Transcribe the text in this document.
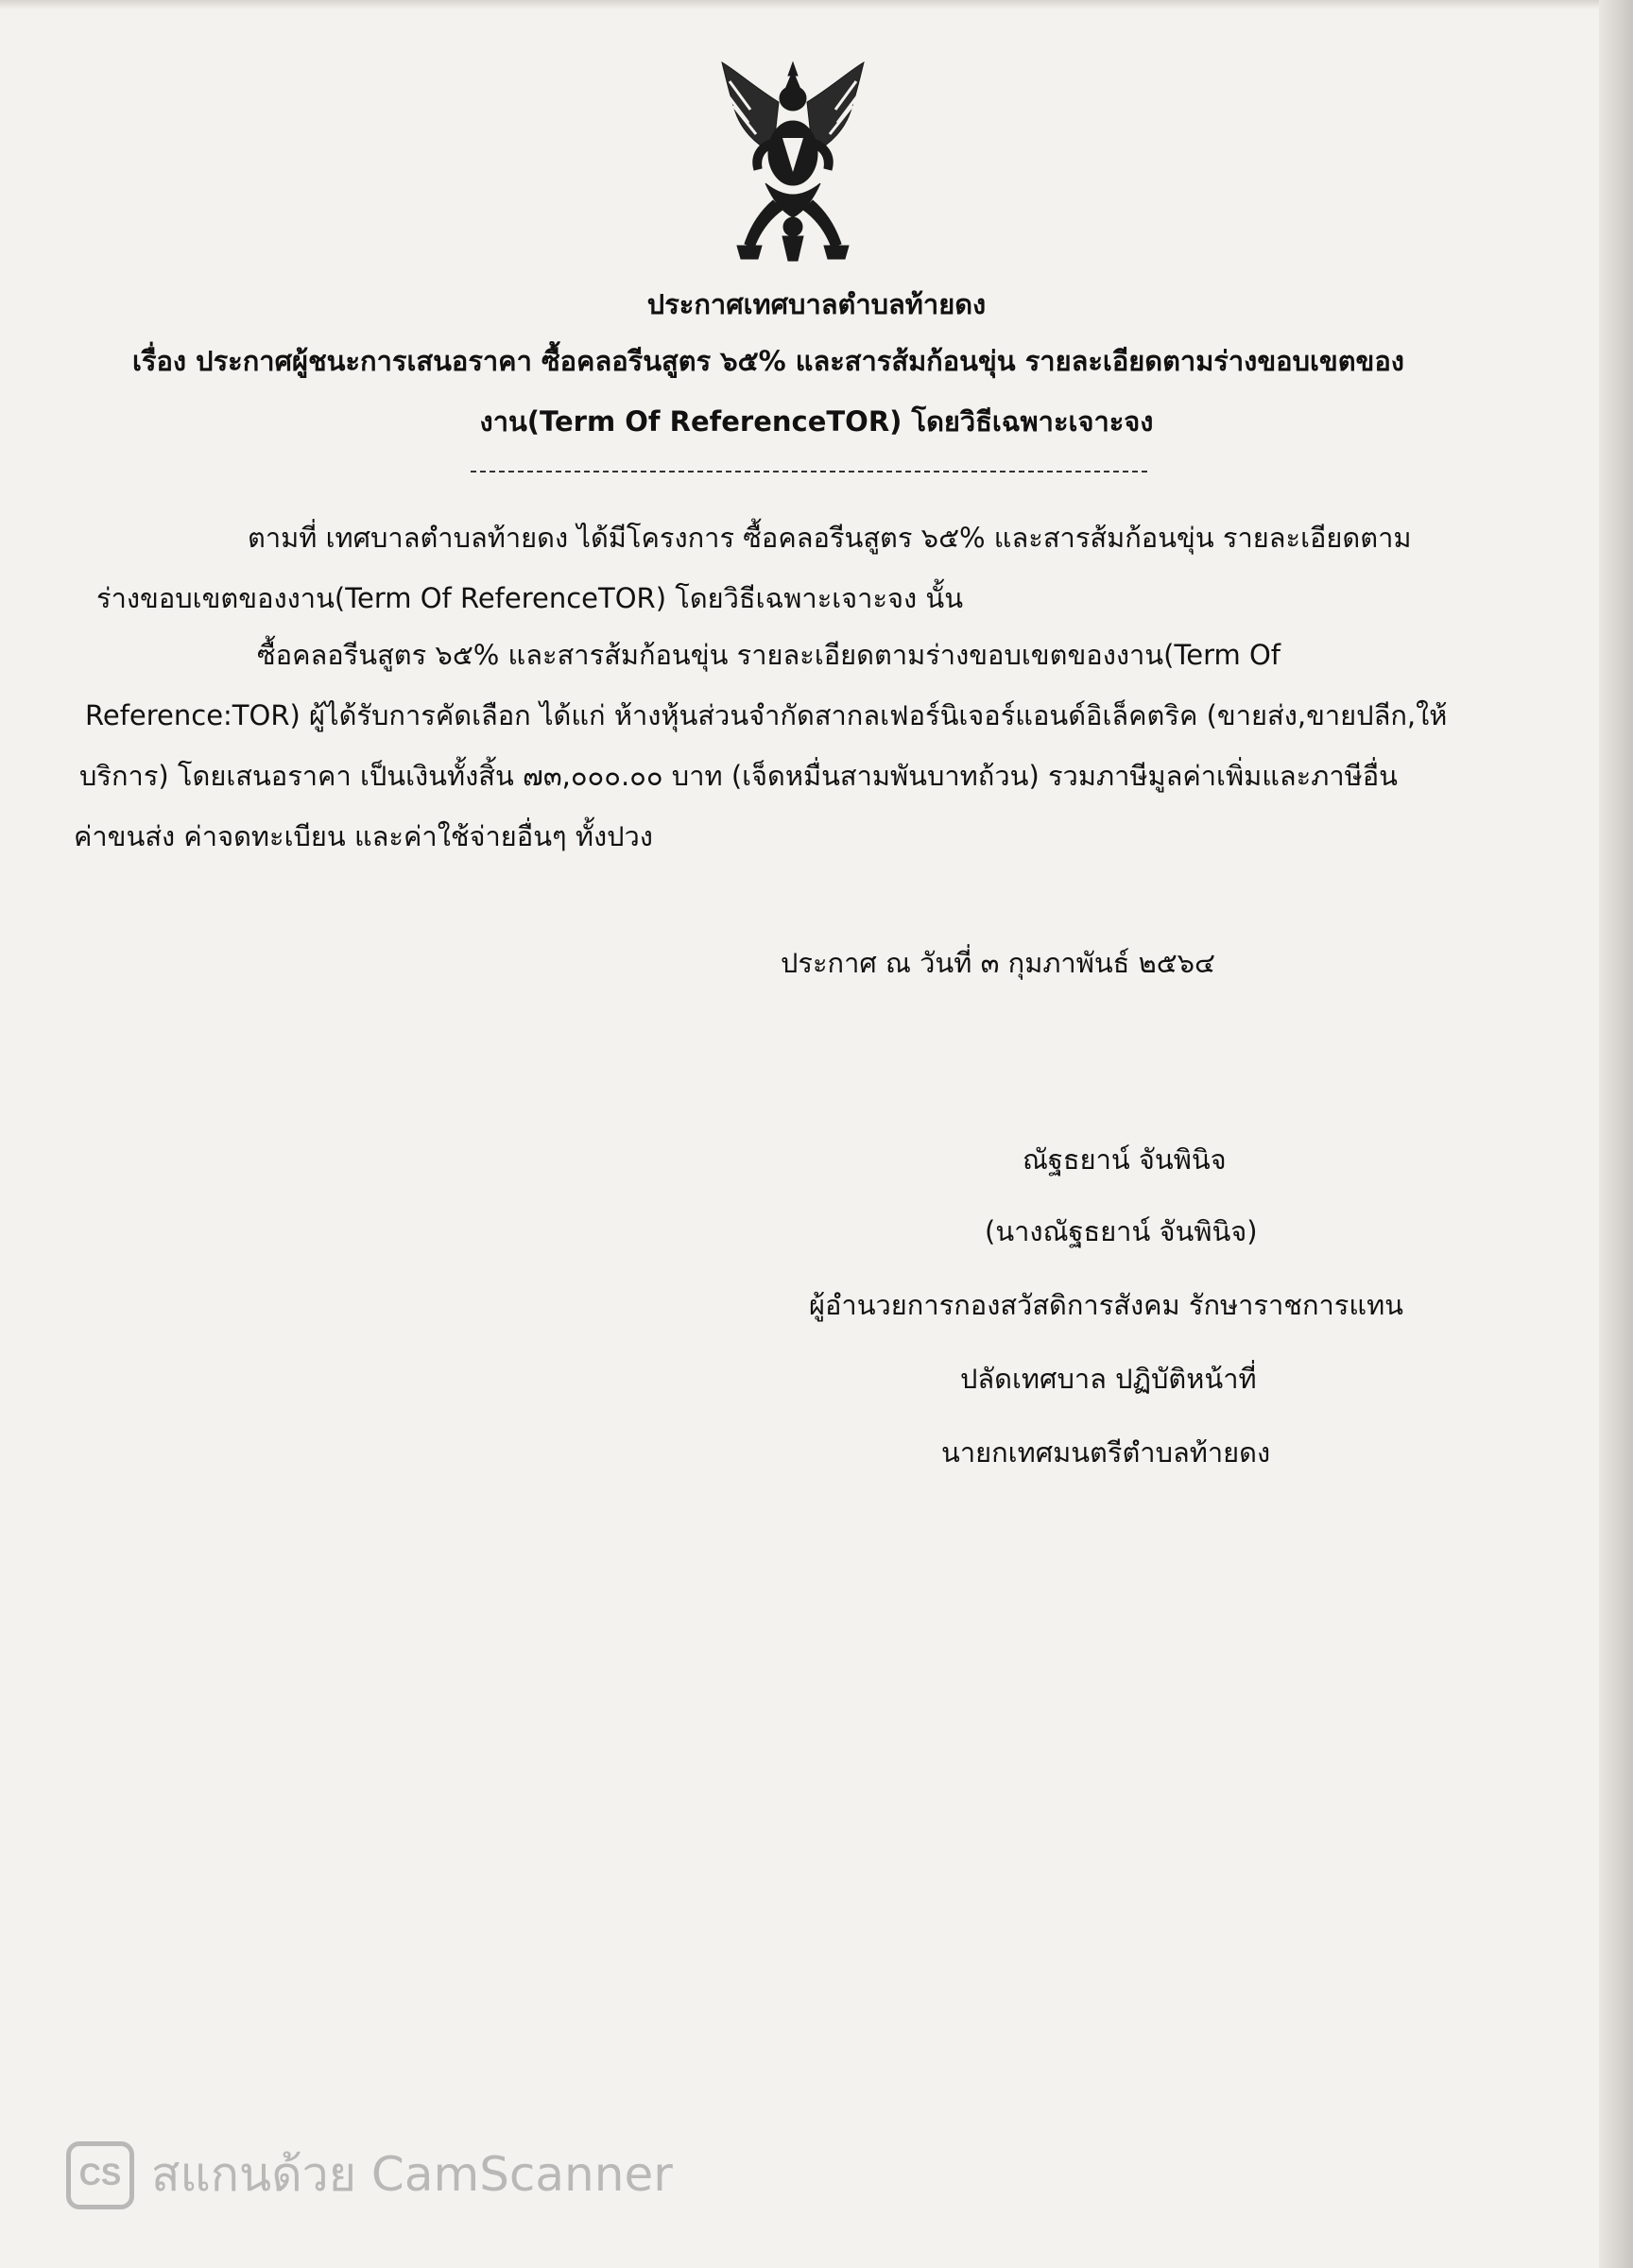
ประกาศเทศบาลตำบลท้ายดง
เรื่อง ประกาศผู้ชนะการเสนอราคา ซื้อคลอรีนสูตร ๖๕% และสารส้มก้อนขุ่น รายละเอียดตามร่างขอบเขตของ
งาน(Term Of ReferenceTOR) โดยวิธีเฉพาะเจาะจง
ตามที่ เทศบาลตำบลท้ายดง ได้มีโครงการ ซื้อคลอรีนสูตร ๖๕% และสารส้มก้อนขุ่น รายละเอียดตาม
ร่างขอบเขตของงาน(Term Of ReferenceTOR) โดยวิธีเฉพาะเจาะจง นั้น
ซื้อคลอรีนสูตร ๖๕% และสารส้มก้อนขุ่น รายละเอียดตามร่างขอบเขตของงาน(Term Of
Reference:TOR) ผู้ได้รับการคัดเลือก ได้แก่ ห้างหุ้นส่วนจำกัดสากลเฟอร์นิเจอร์แอนด์อิเล็คตริค (ขายส่ง,ขายปลีก,ให้
บริการ) โดยเสนอราคา เป็นเงินทั้งสิ้น ๗๓,๐๐๐.๐๐ บาท (เจ็ดหมื่นสามพันบาทถ้วน) รวมภาษีมูลค่าเพิ่มและภาษีอื่น
ค่าขนส่ง ค่าจดทะเบียน และค่าใช้จ่ายอื่นๆ ทั้งปวง
ประกาศ ณ วันที่ ๓ กุมภาพันธ์ ๒๕๖๔
ณัฐธยาน์ จันพินิจ
(นางณัฐธยาน์ จันพินิจ)
ผู้อำนวยการกองสวัสดิการสังคม รักษาราชการแทน
ปลัดเทศบาล ปฏิบัติหน้าที่
นายกเทศมนตรีตำบลท้ายดง
CS สแกนด้วย CamScanner
